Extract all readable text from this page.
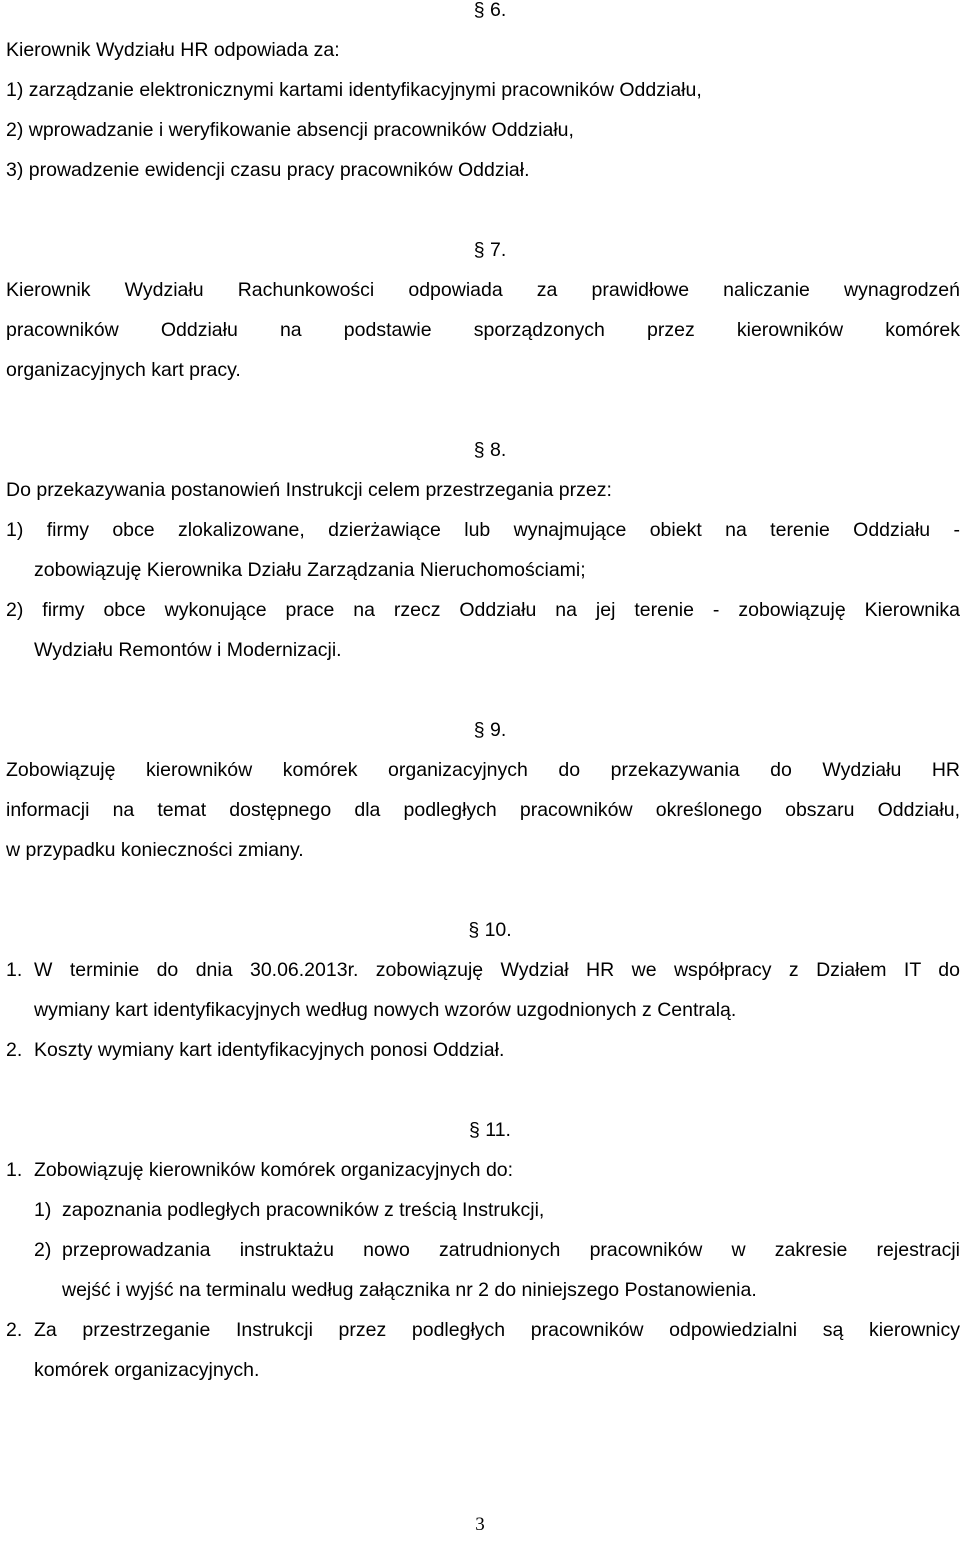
§ 6.
Kierownik Wydziału HR odpowiada za:
1) zarządzanie elektronicznymi kartami identyfikacyjnymi pracowników Oddziału,
2) wprowadzanie i weryfikowanie absencji pracowników Oddziału,
3) prowadzenie ewidencji czasu pracy pracowników Oddział.
§ 7.
Kierownik Wydziału Rachunkowości odpowiada za prawidłowe naliczanie wynagrodzeń
pracowników Oddziału na podstawie sporządzonych przez kierowników komórek
organizacyjnych kart pracy.
§ 8.
Do przekazywania postanowień Instrukcji celem przestrzegania przez:
1) firmy obce zlokalizowane, dzierżawiące lub wynajmujące obiekt na terenie Oddziału -
zobowiązuję Kierownika Działu Zarządzania Nieruchomościami;
2) firmy obce wykonujące prace na rzecz Oddziału na jej terenie - zobowiązuję Kierownika
Wydziału Remontów i Modernizacji.
§ 9.
Zobowiązuję kierowników komórek organizacyjnych do przekazywania do Wydziału HR
informacji na temat dostępnego dla podległych pracowników określonego obszaru Oddziału,
w przypadku konieczności zmiany.
§ 10.
1. W terminie do dnia 30.06.2013r. zobowiązuję Wydział HR we współpracy z Działem IT do
wymiany kart identyfikacyjnych według nowych wzorów uzgodnionych z Centralą.
2. Koszty wymiany kart identyfikacyjnych ponosi Oddział.
§ 11.
1. Zobowiązuję kierowników komórek organizacyjnych do:
1) zapoznania podległych pracowników z treścią Instrukcji,
2) przeprowadzania instruktażu nowo zatrudnionych pracowników w zakresie rejestracji
wejść i wyjść na terminalu według załącznika nr 2 do niniejszego Postanowienia.
2. Za przestrzeganie Instrukcji przez podległych pracowników odpowiedzialni są kierownicy
komórek organizacyjnych.
3
